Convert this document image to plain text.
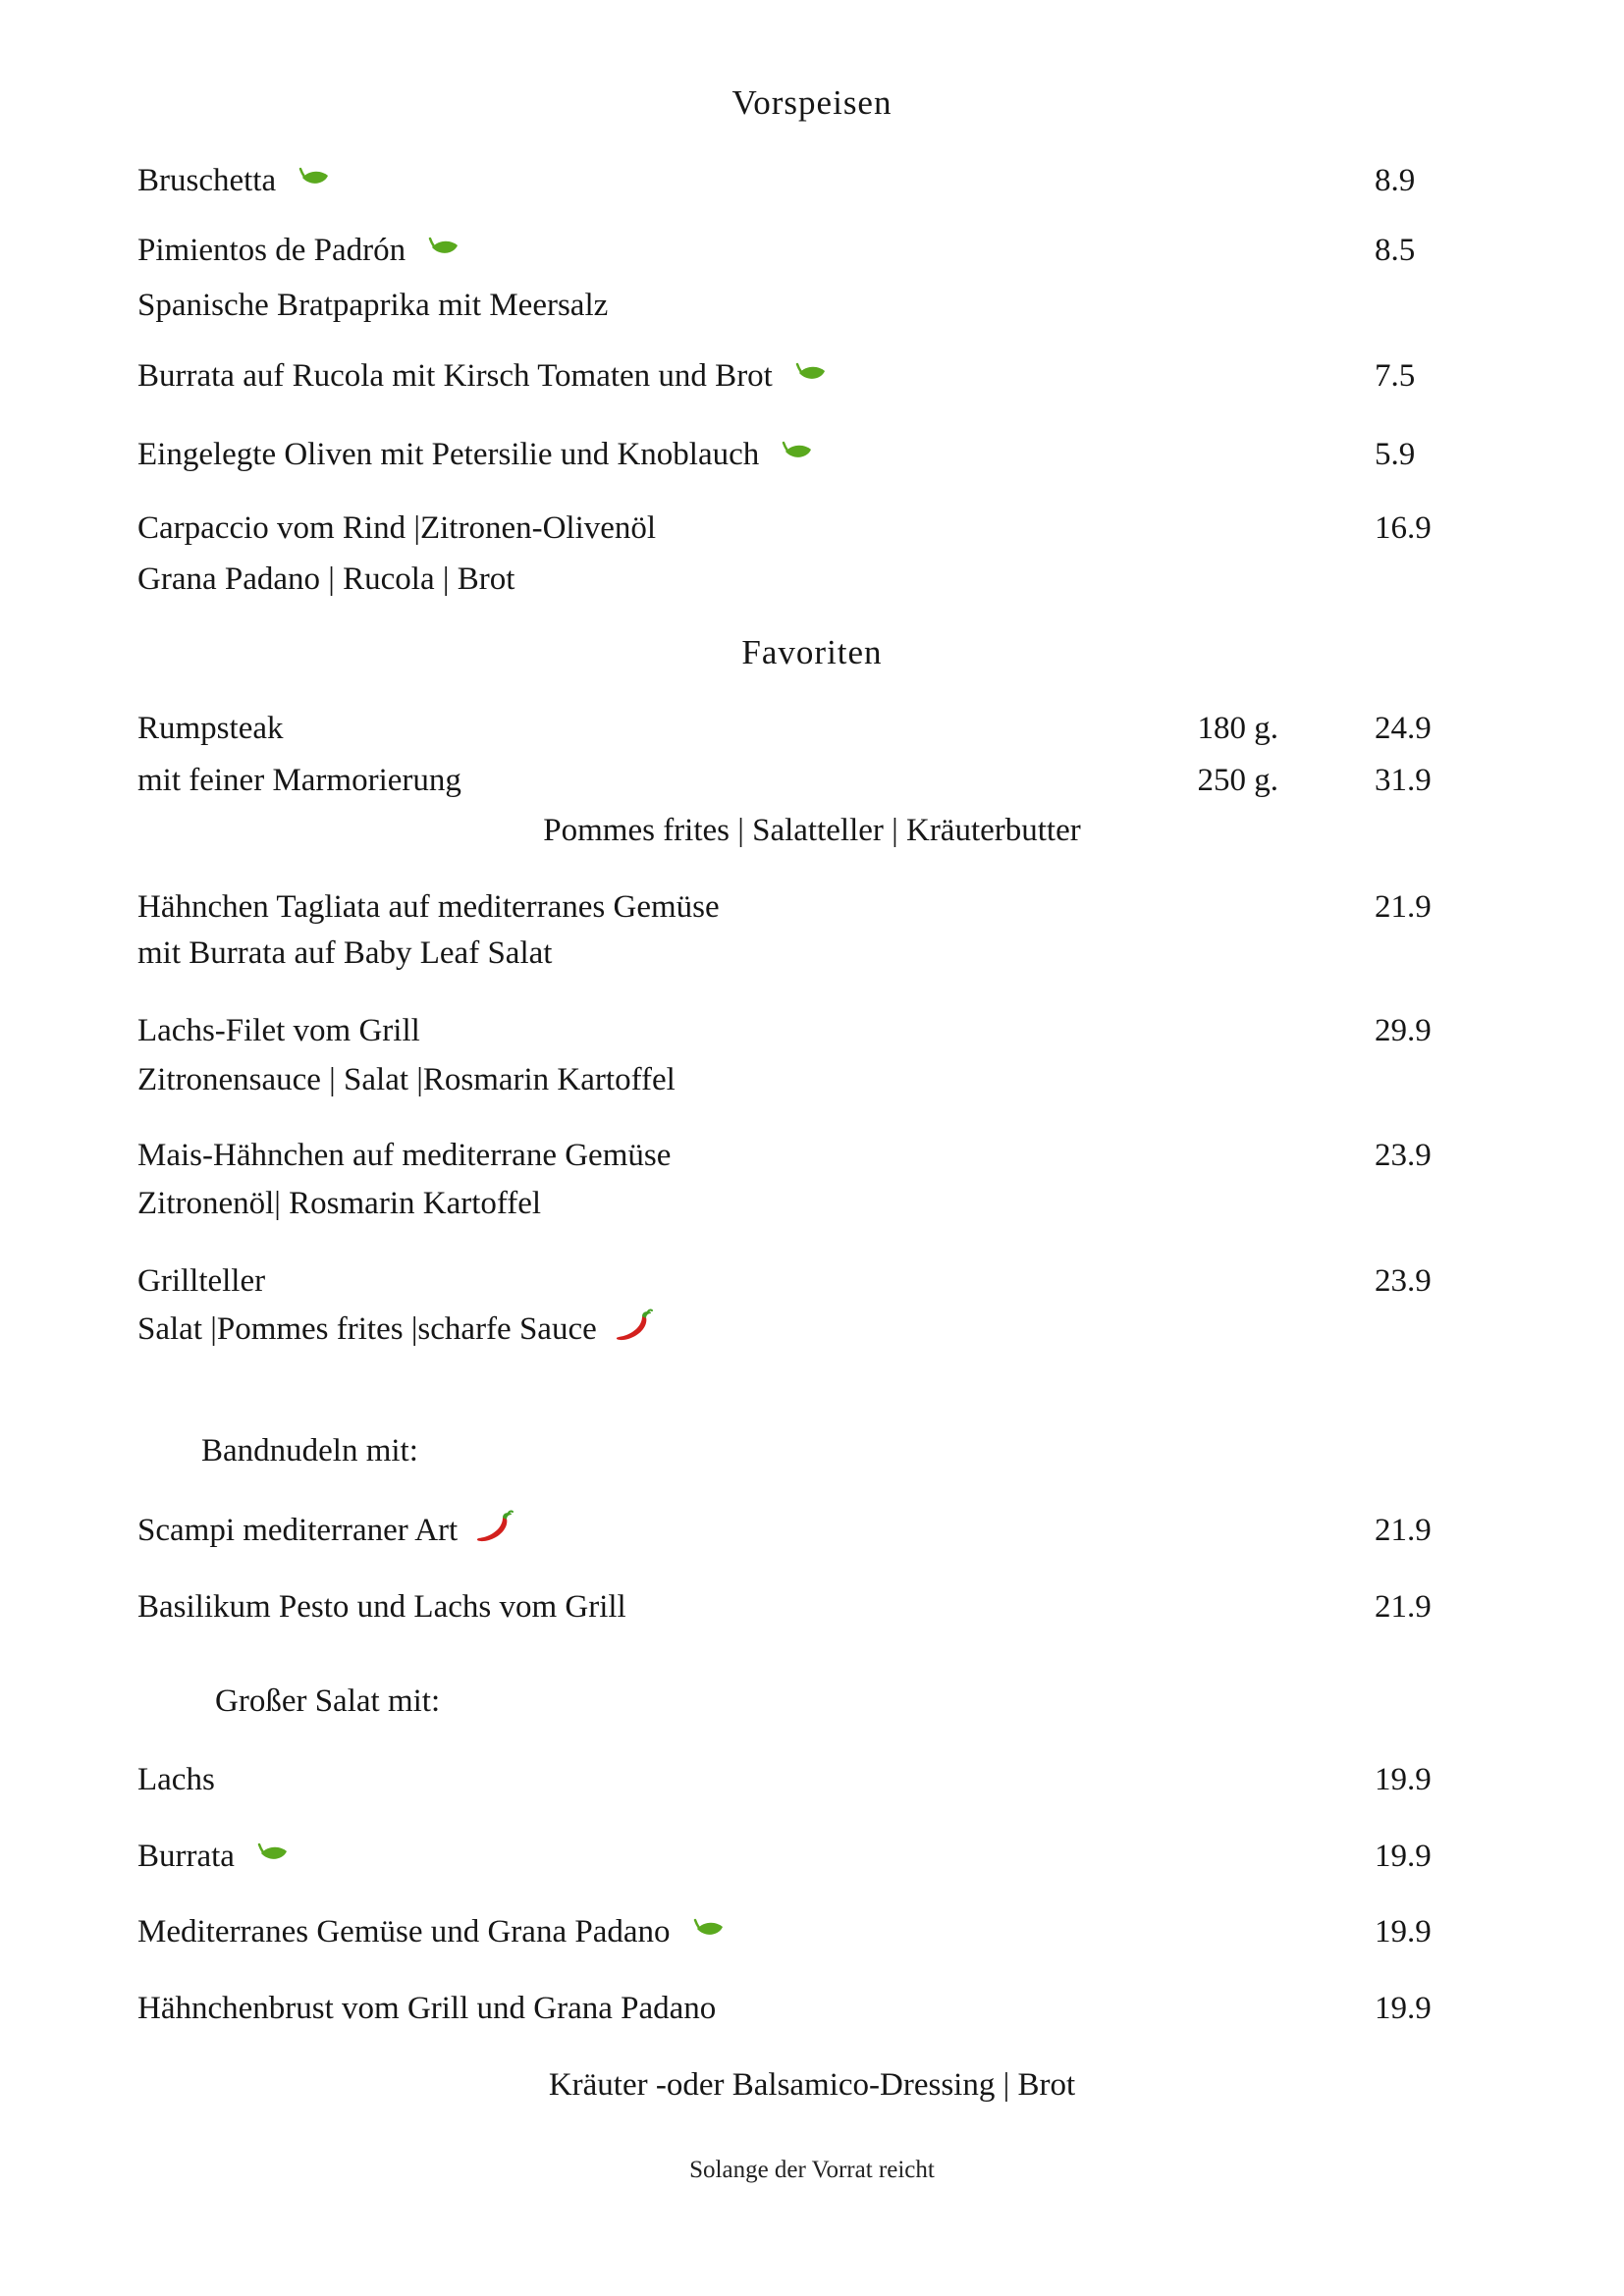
Vorspeisen
Bruschetta	8.9
Pimientos de Padrón	8.5
Spanische Bratpaprika mit Meersalz
Burrata auf Rucola mit Kirsch Tomaten und Brot	7.5
Eingelegte Oliven mit Petersilie und Knoblauch	5.9
Carpaccio vom Rind |Zitronen-Olivenöl	16.9
Grana Padano | Rucola | Brot
Favoriten
Rumpsteak	180 g.	24.9
mit feiner Marmorierung	250 g.	31.9
Pommes frites | Salatteller | Kräuterbutter
Hähnchen Tagliata auf mediterranes Gemüse	21.9
mit Burrata auf Baby Leaf Salat
Lachs-Filet vom Grill	29.9
Zitronensauce | Salat |Rosmarin Kartoffel
Mais-Hähnchen auf mediterrane Gemüse	23.9
Zitronenöl| Rosmarin Kartoffel
Grillteller	23.9
Salat |Pommes frites |scharfe Sauce
Bandnudeln mit:
Scampi mediterraner Art	21.9
Basilikum Pesto und Lachs vom Grill	21.9
Großer Salat mit:
Lachs	19.9
Burrata	19.9
Mediterranes Gemüse und Grana Padano	19.9
Hähnchenbrust vom Grill und Grana Padano	19.9
Kräuter -oder Balsamico-Dressing | Brot
Solange der Vorrat reicht
